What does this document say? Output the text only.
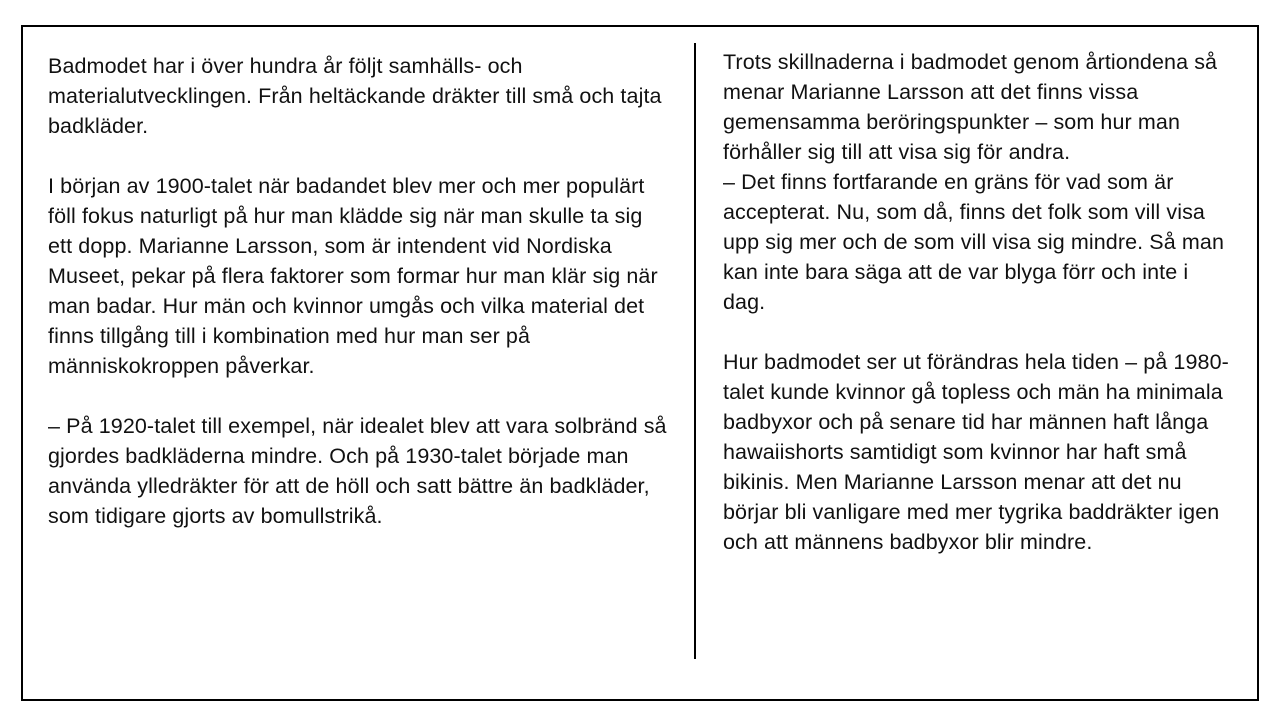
Badmodet har i över hundra år följt samhälls- och materialutvecklingen. Från heltäckande dräkter till små och tajta badkläder.

I början av 1900-talet när badandet blev mer och mer populärt föll fokus naturligt på hur man klädde sig när man skulle ta sig ett dopp. Marianne Larsson, som är intendent vid Nordiska Museet, pekar på flera faktorer som formar hur man klär sig när man badar. Hur män och kvinnor umgås och vilka material det finns tillgång till i kombination med hur man ser på människokroppen påverkar.

– På 1920-talet till exempel, när idealet blev att vara solbränd så gjordes badkläderna mindre. Och på 1930-talet började man använda ylledräkter för att de höll och satt bättre än badkläder, som tidigare gjorts av bomullstrikå.

Trots skillnaderna i badmodet genom årtiondena så menar Marianne Larsson att det finns vissa gemensamma beröringspunkter – som hur man förhåller sig till att visa sig för andra.

– Det finns fortfarande en gräns för vad som är accepterat. Nu, som då, finns det folk som vill visa upp sig mer och de som vill visa sig mindre. Så man kan inte bara säga att de var blyga förr och inte i dag.

Hur badmodet ser ut förändras hela tiden – på 1980-talet kunde kvinnor gå topless och män ha minimala badbyxor och på senare tid har männen haft långa hawaiishorts samtidigt som kvinnor har haft små bikinis. Men Marianne Larsson menar att det nu börjar bli vanligare med mer tygrika baddräkter igen och att männens badbyxor blir mindre.
